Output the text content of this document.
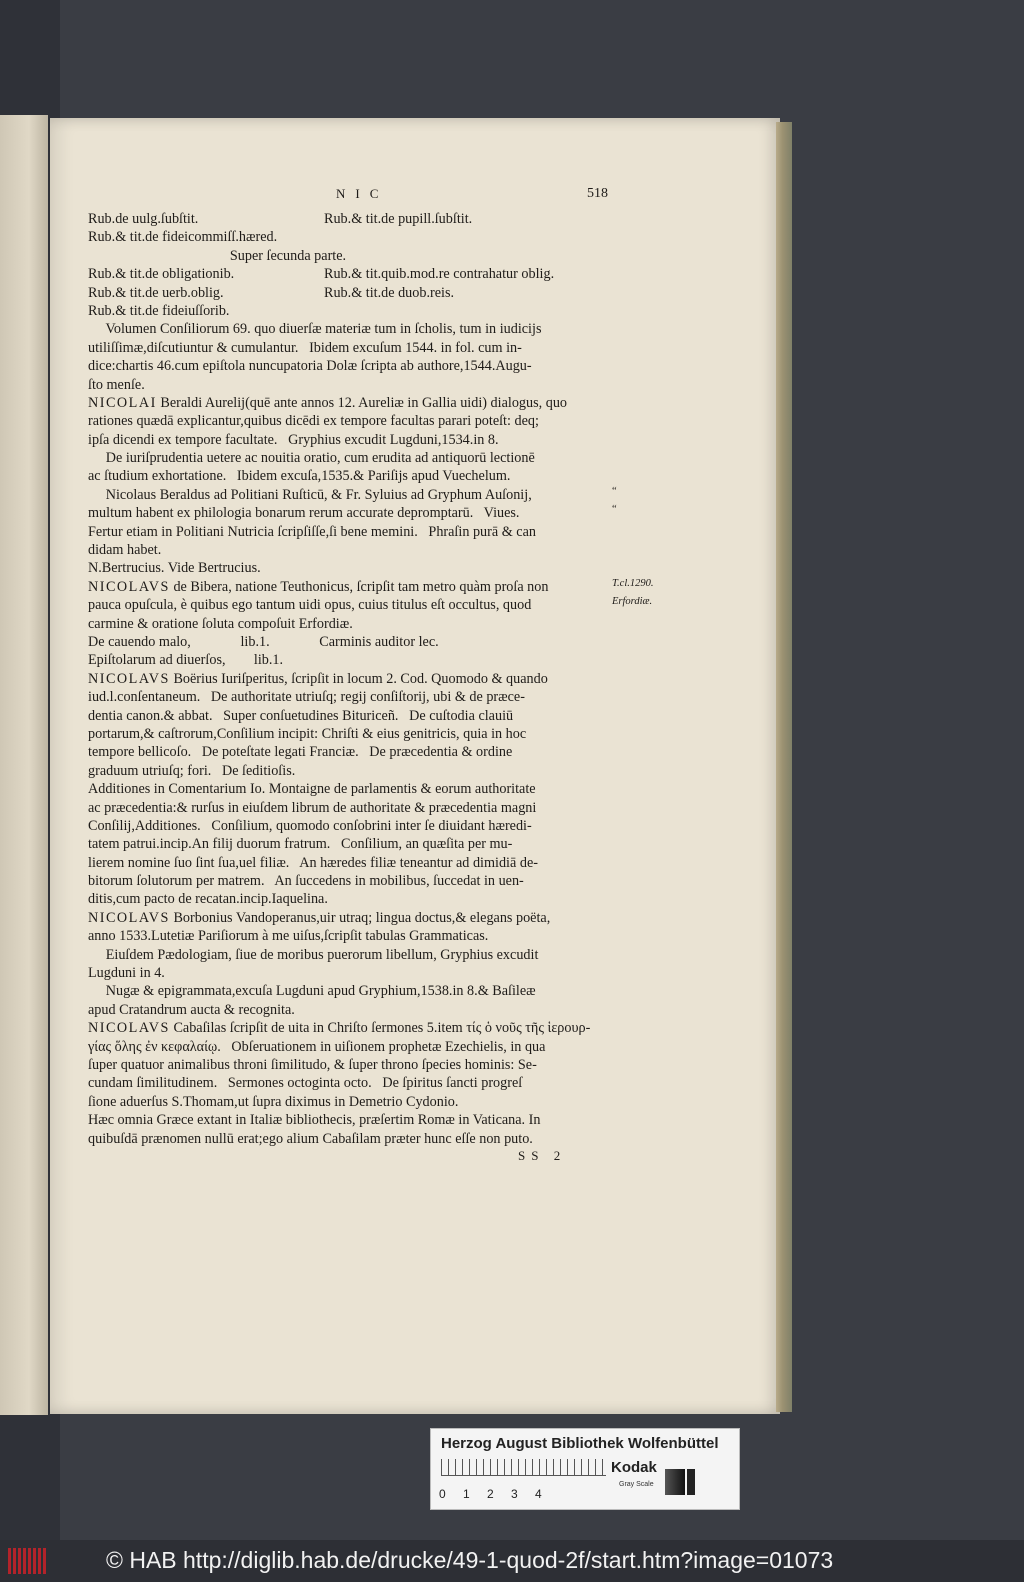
NIC	518
Rub.de uulg.ſubſtit.	Rub.& tit.de pupill.ſubſtit.
Rub.& tit.de fideicommiſſ.hæred.
Super ſecunda parte.
Rub.& tit.de obligationib.	Rub.& tit.quib.mod.re contrahatur oblig.
Rub.& tit.de uerb.oblig.	Rub.& tit.de duob.reis.
Rub.& tit.de fideiuſſorib.
Volumen Conſiliorum 69. quo diuerſæ materiæ tum in ſcholis, tum in iudicijs
utiliſſimæ,diſcutiuntur & cumulantur.   Ibidem excuſum 1544. in fol. cum in-
dice:chartis 46.cum epiſtola nuncupatoria Dolæ ſcripta ab authore,1544.Augu-
ſto menſe.
NICOLAI Beraldi Aurelij(quē ante annos 12. Aureliæ in Gallia uidi) dialogus, quo
rationes quædā explicantur,quibus dicēdi ex tempore facultas parari poteſt: deq;
ipſa dicendi ex tempore facultate.   Gryphius excudit Lugduni,1534.in 8.
De iuriſprudentia uetere ac nouitia oratio, cum erudita ad antiquorū lectionē
ac ſtudium exhortatione.   Ibidem excuſa,1535.& Pariſijs apud Vuechelum.
Nicolaus Beraldus ad Politiani Ruſticū, & Fr. Syluius ad Gryphum Auſonij,
multum habent ex philologia bonarum rerum accurate depromptarū.   Viues.
Fertur etiam in Politiani Nutricia ſcripſiſſe,ſi bene memini.   Phraſin purā & can
didam habet.
N.Bertrucius. Vide Bertrucius.
NICOLAVS de Bibera, natione Teuthonicus, ſcripſit tam metro quàm proſa non
pauca opuſcula, è quibus ego tantum uidi opus, cuius titulus eſt occultus, quod
carmine & oratione ſoluta compoſuit Erfordiæ.
De cauendo malo,              lib.1.              Carminis auditor lec.
Epiſtolarum ad diuerſos,        lib.1.
NICOLAVS Boërius Iuriſperitus, ſcripſit in locum 2. Cod. Quomodo & quando
iud.l.conſentaneum.   De authoritate utriuſq; regij conſiſtorij, ubi & de præce-
dentia canon.& abbat.   Super conſuetudines Bituriceñ.   De cuſtodia clauiū
portarum,& caſtrorum,Conſilium incipit: Chriſti & eius genitricis, quia in hoc
tempore bellicoſo.   De poteſtate legati Franciæ.   De præcedentia & ordine
graduum utriuſq; fori.   De ſeditioſis.
Additiones in Comentarium Io. Montaigne de parlamentis & eorum authoritate
ac præcedentia:& rurſus in eiuſdem librum de authoritate & præcedentia magni
Conſilij,Additiones.   Conſilium, quomodo conſobrini inter ſe diuidant hæredi-
tatem patrui.incip.An filij duorum fratrum.   Conſilium, an quæſita per mu-
lierem nomine ſuo ſint ſua,uel filiæ.   An hæredes filiæ teneantur ad dimidiā de-
bitorum ſolutorum per matrem.   An ſuccedens in mobilibus, ſuccedat in uen-
ditis,cum pacto de recatan.incip.Iaquelina.
NICOLAVS Borbonius Vandoperanus,uir utraq; lingua doctus,& elegans poëta,
anno 1533.Lutetiæ Pariſiorum à me uiſus,ſcripſit tabulas Grammaticas.
Eiuſdem Pædologiam, ſiue de moribus puerorum libellum, Gryphius excudit
Lugduni in 4.
Nugæ & epigrammata,excuſa Lugduni apud Gryphium,1538.in 8.& Baſileæ
apud Cratandrum aucta & recognita.
NICOLAVS Cabaſilas ſcripſit de uita in Chriſto ſermones 5.item τίς ὁ νοῦς τῆς ἱερουρ-
γίας ὅλης ἐν κεφαλαίῳ.   Obſeruationem in uiſionem prophetæ Ezechielis, in qua
ſuper quatuor animalibus throni ſimilitudo, & ſuper throno ſpecies hominis: Se-
cundam ſimilitudinem.   Sermones octoginta octo.   De ſpiritus ſancti progreſ
ſione aduerſus S.Thomam,ut ſupra diximus in Demetrio Cydonio.
Hæc omnia Græce extant in Italiæ bibliothecis, præſertim Romæ in Vaticana. In
quibuſdā prænomen nullū erat;ego alium Cabaſilam præter hunc eſſe non puto.
T.cl.1290.
Erfordiæ.
“
“
SS 2
Herzog August Bibliothek Wolfenbüttel
0 1 2 3 4
Kodak
Gray Scale
© HAB http://diglib.hab.de/drucke/49-1-quod-2f/start.htm?image=01073
